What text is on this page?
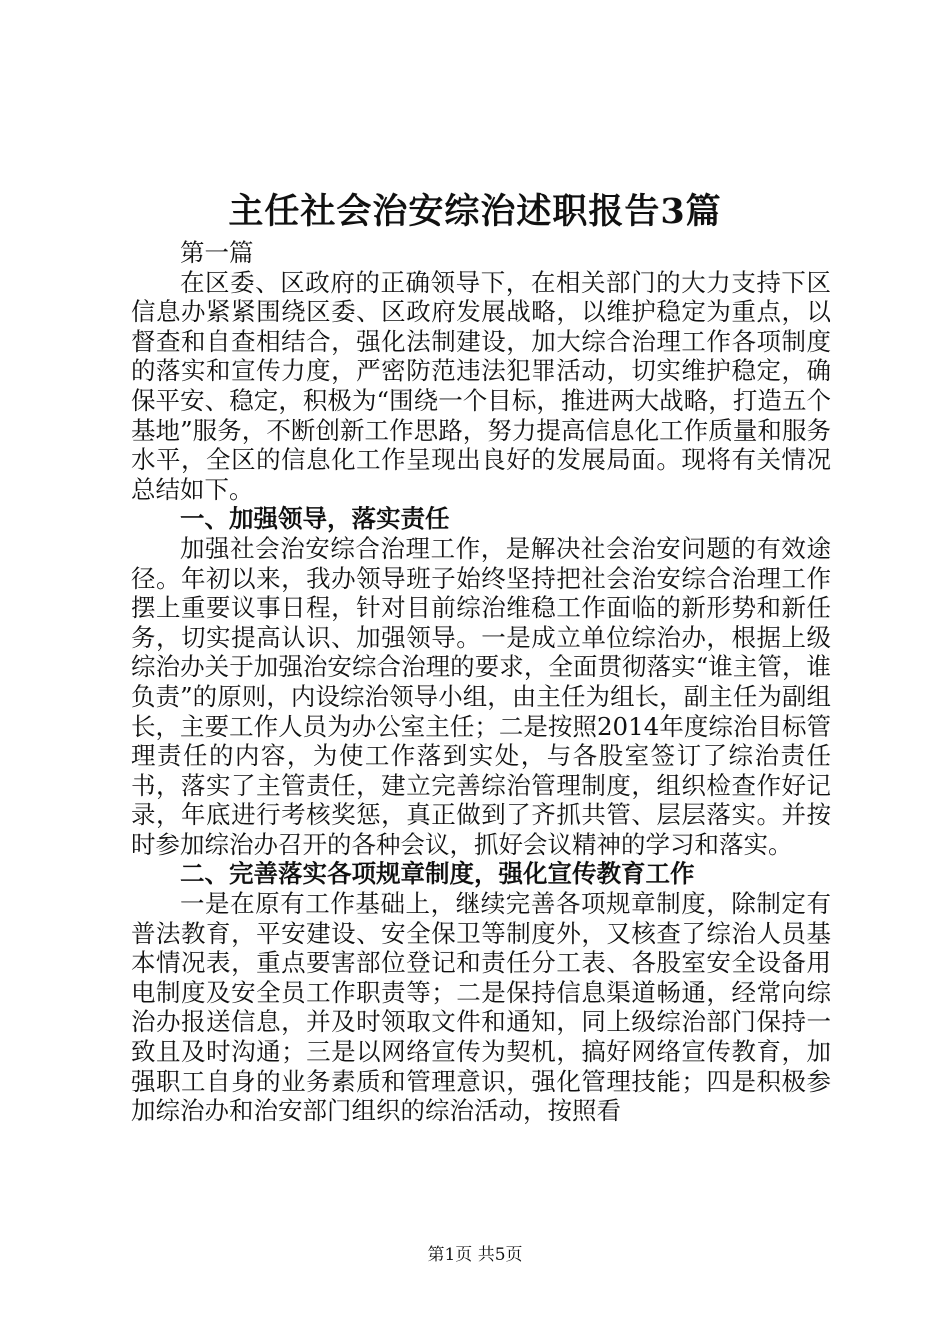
主任社会治安综治述职报告3篇

第一篇

在区委、区政府的正确领导下，在相关部门的大力支持下区信息办紧紧围绕区委、区政府发展战略，以维护稳定为重点，以督查和自查相结合，强化法制建设，加大综合治理工作各项制度的落实和宣传力度，严密防范违法犯罪活动，切实维护稳定，确保平安、稳定，积极为“围绕一个目标，推进两大战略，打造五个基地”服务，不断创新工作思路，努力提高信息化工作质量和服务水平，全区的信息化工作呈现出良好的发展局面。现将有关情况总结如下。

一、加强领导，落实责任

加强社会治安综合治理工作，是解决社会治安问题的有效途径。年初以来，我办领导班子始终坚持把社会治安综合治理工作摆上重要议事日程，针对目前综治维稳工作面临的新形势和新任务，切实提高认识、加强领导。一是成立单位综治办，根据上级综治办关于加强治安综合治理的要求，全面贯彻落实“谁主管，谁负责”的原则，内设综治领导小组，由主任为组长，副主任为副组长，主要工作人员为办公室主任；二是按照2014年度综治目标管理责任的内容，为使工作落到实处，与各股室签订了综治责任书，落实了主管责任，建立完善综治管理制度，组织检查作好记录，年底进行考核奖惩，真正做到了齐抓共管、层层落实。并按时参加综治办召开的各种会议，抓好会议精神的学习和落实。

二、完善落实各项规章制度，强化宣传教育工作

一是在原有工作基础上，继续完善各项规章制度，除制定有普法教育，平安建设、安全保卫等制度外，又核查了综治人员基本情况表，重点要害部位登记和责任分工表、各股室安全设备用电制度及安全员工作职责等；二是保持信息渠道畅通，经常向综治办报送信息，并及时领取文件和通知，同上级综治部门保持一致且及时沟通；三是以网络宣传为契机，搞好网络宣传教育，加强职工自身的业务素质和管理意识，强化管理技能；四是积极参加综治办和治安部门组织的综治活动，按照看

第1页 共5页
